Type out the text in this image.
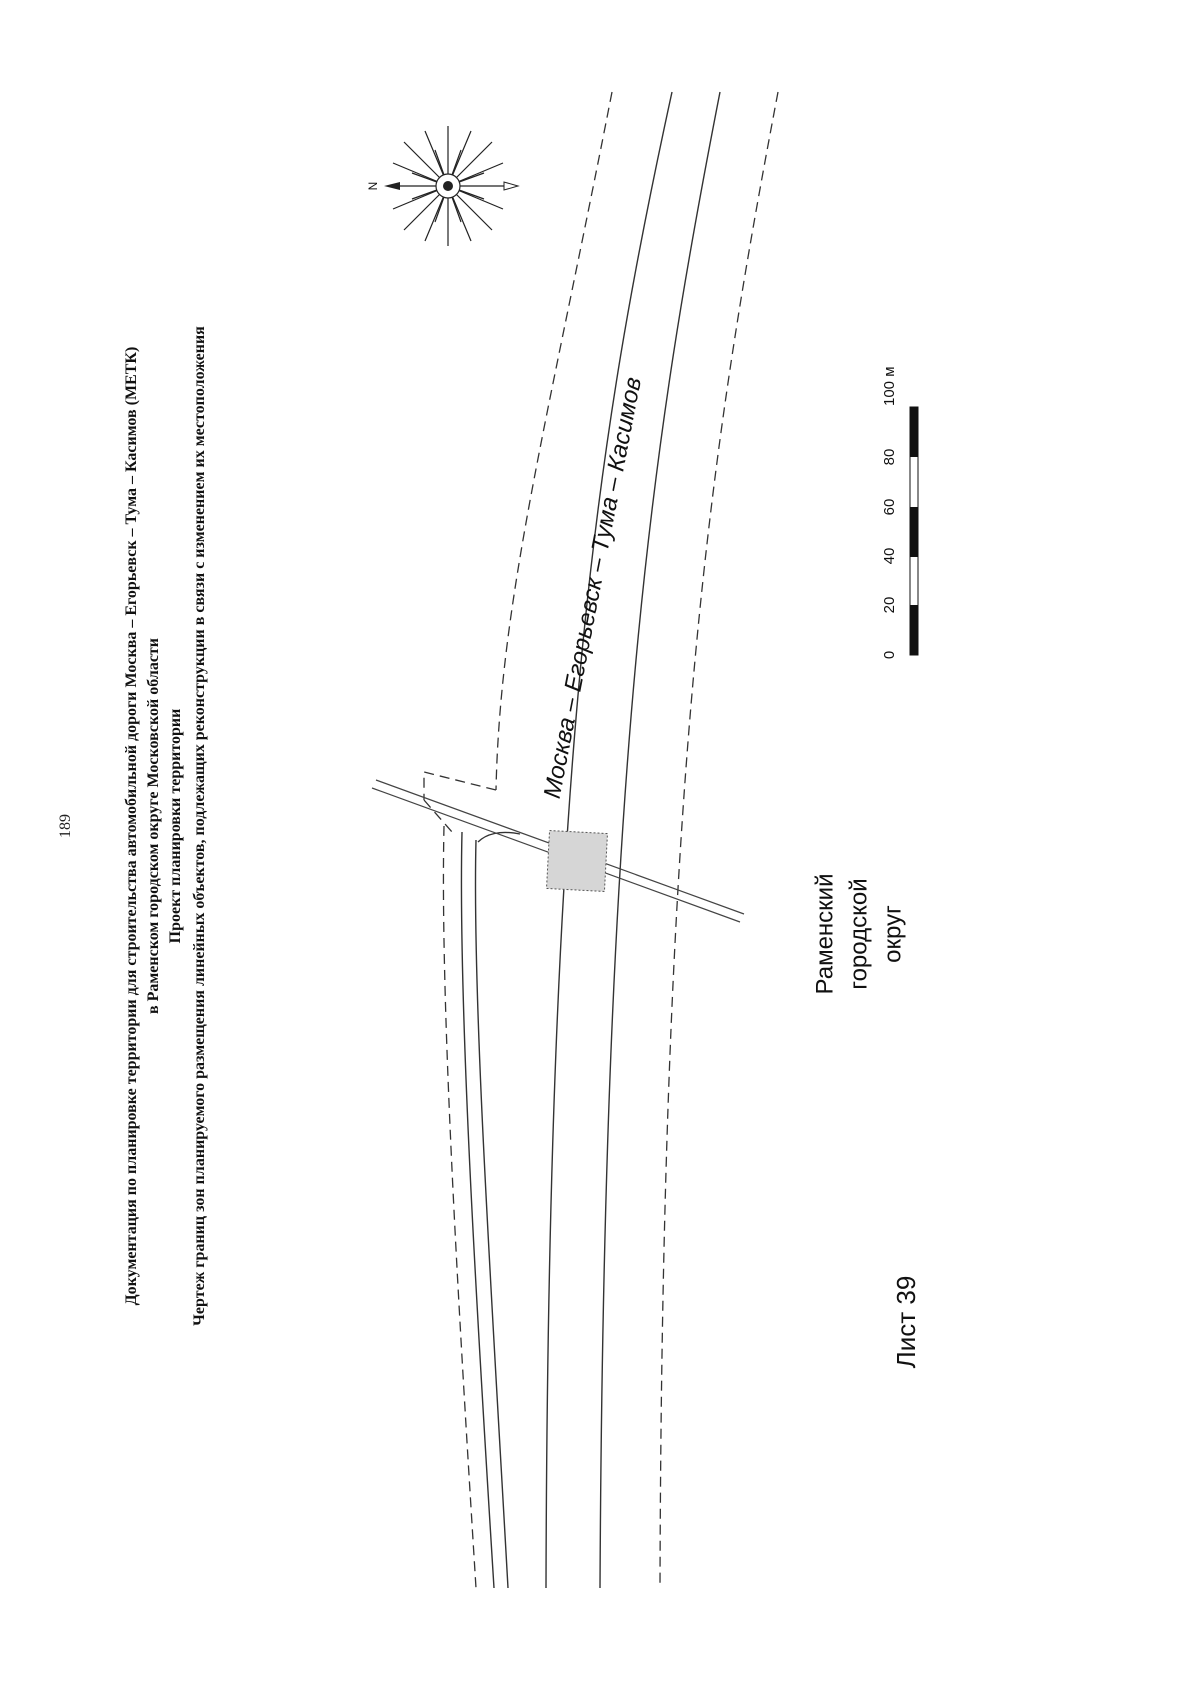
189	Документация по планировке территории для строительства автомобильной дороги Москва – Егорьевск – Тума – Касимов (МЕТК) в Раменском городском округе Московской области Проект планировки территории Чертеж границ зон планируемого размещения линейных объектов, подлежащих реконструкции в связи с изменением их местоположения
N
Москва – Егорьевск – Тума – Касимов	0
20
40
60
80
100 м
Раменский городской округ
Лист 39
